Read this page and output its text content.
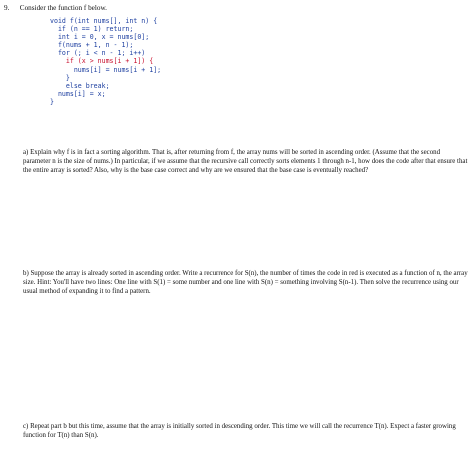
9. Consider the function f below.
void f(int nums[], int n) {
if (n == 1) return;
int i = 0, x = nums[0];
f(nums + 1, n - 1);
for (; i < n - 1; i++)
if (x > nums[i + 1]) {
nums[i] = nums[i + 1];
}
else break;
nums[i] = x;
}

a) Explain why f is in fact a sorting algorithm. That is, after returning from f, the array nums will be sorted in ascending order. (Assume that the second parameter n is the size of nums.) In particular, if we assume that the recursive call correctly sorts elements 1 through n-1, how does the code after that ensure that the entire array is sorted? Also, why is the base case correct and why are we ensured that the base case is eventually reached?

b) Suppose the array is already sorted in ascending order. Write a recurrence for S(n), the number of times the code in red is executed as a function of n, the array size. Hint: You'll have two lines: One line with S(1) = some number and one line with S(n) = something involving S(n-1). Then solve the recurrence using our usual method of expanding it to find a pattern.

c) Repeat part b but this time, assume that the array is initially sorted in descending order. This time we will call the recurrence T(n). Expect a faster growing function for T(n) than S(n).
